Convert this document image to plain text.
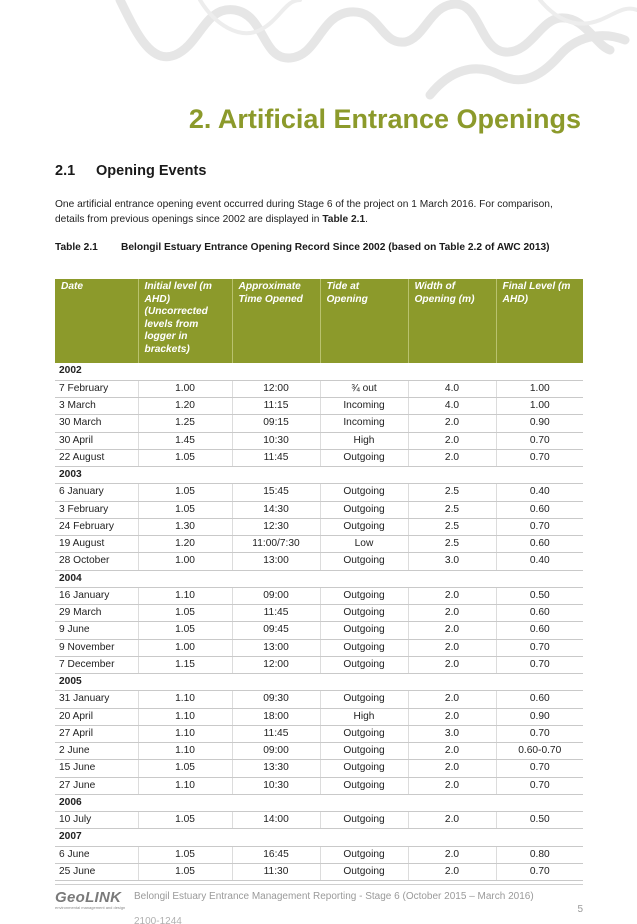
2. Artificial Entrance Openings
2.1 Opening Events

One artificial entrance opening event occurred during Stage 6 of the project on 1 March 2016. For comparison, details from previous openings since 2002 are displayed in Table 2.1.

Table 2.1 Belongil Estuary Entrance Opening Record Since 2002 (based on Table 2.2 of AWC 2013)
Date	Initial level (m AHD) (Uncorrected levels from logger in brackets)	Approximate Time Opened	Tide at Opening	Width of Opening (m)	Final Level (m AHD)
2002					
7 February	1.00	12:00	¾ out	4.0	1.00
3 March	1.20	11:15	Incoming	4.0	1.00
30 March	1.25	09:15	Incoming	2.0	0.90
30 April	1.45	10:30	High	2.0	0.70
22 August	1.05	11:45	Outgoing	2.0	0.70
2003					
6 January	1.05	15:45	Outgoing	2.5	0.40
3 February	1.05	14:30	Outgoing	2.5	0.60
24 February	1.30	12:30	Outgoing	2.5	0.70
19 August	1.20	11:00/7:30	Low	2.5	0.60
28 October	1.00	13:00	Outgoing	3.0	0.40
2004					
16 January	1.10	09:00	Outgoing	2.0	0.50
29 March	1.05	11:45	Outgoing	2.0	0.60
9 June	1.05	09:45	Outgoing	2.0	0.60
9 November	1.00	13:00	Outgoing	2.0	0.70
7 December	1.15	12:00	Outgoing	2.0	0.70
2005					
31 January	1.10	09:30	Outgoing	2.0	0.60
20 April	1.10	18:00	High	2.0	0.90
27 April	1.10	11:45	Outgoing	3.0	0.70
2 June	1.10	09:00	Outgoing	2.0	0.60-0.70
15 June	1.05	13:30	Outgoing	2.0	0.70
27 June	1.10	10:30	Outgoing	2.0	0.70
2006					
10 July	1.05	14:00	Outgoing	2.0	0.50
2007					
6 June	1.05	16:45	Outgoing	2.0	0.80
25 June	1.05	11:30	Outgoing	2.0	0.70
GeoLINK
environmental management and design
Belongil Estuary Entrance Management Reporting - Stage 6 (October 2015 – March 2016)
2100-1244
5
